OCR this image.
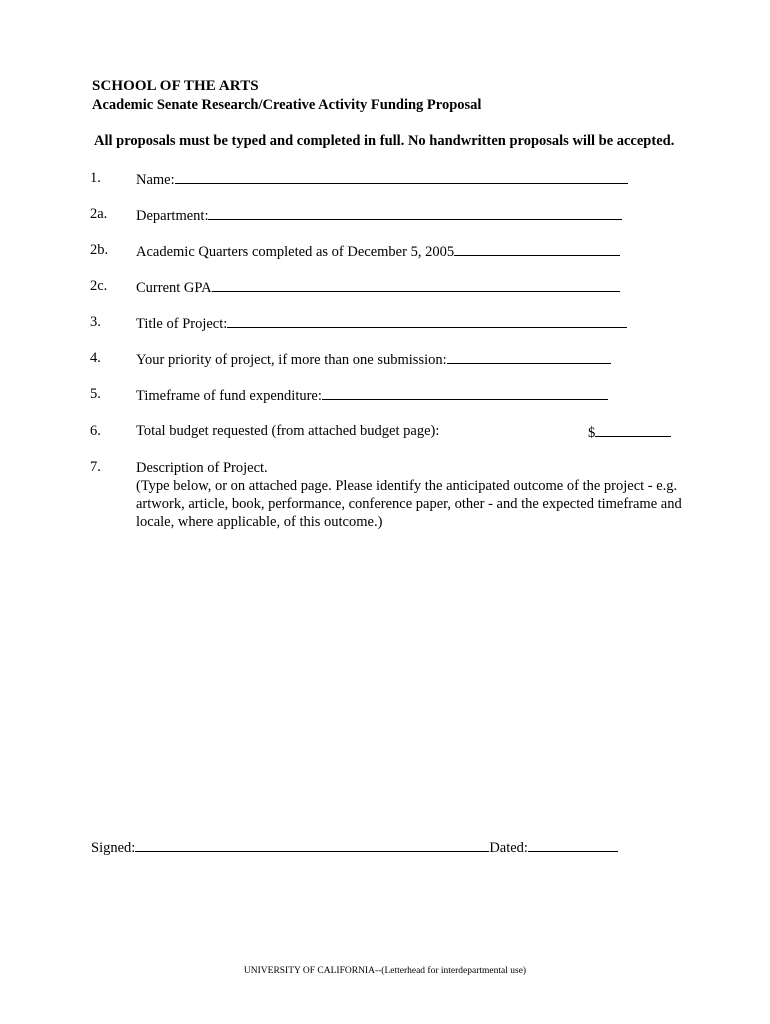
SCHOOL OF THE ARTS
Academic Senate Research/Creative Activity Funding Proposal
All proposals must be typed and completed in full. No handwritten proposals will be accepted.
1. Name:
2a. Department:
2b. Academic Quarters completed as of December 5, 2005
2c. Current GPA
3. Title of Project:
4. Your priority of project, if more than one submission:
5. Timeframe of fund expenditure:
6. Total budget requested (from attached budget page):	$
7. Description of Project.
(Type below, or on attached page. Please identify the anticipated outcome of the project - e.g. artwork, article, book, performance, conference paper, other - and the expected timeframe and locale, where applicable, of this outcome.)
Signed:	Dated:
UNIVERSITY OF CALIFORNIA--(Letterhead for interdepartmental use)
